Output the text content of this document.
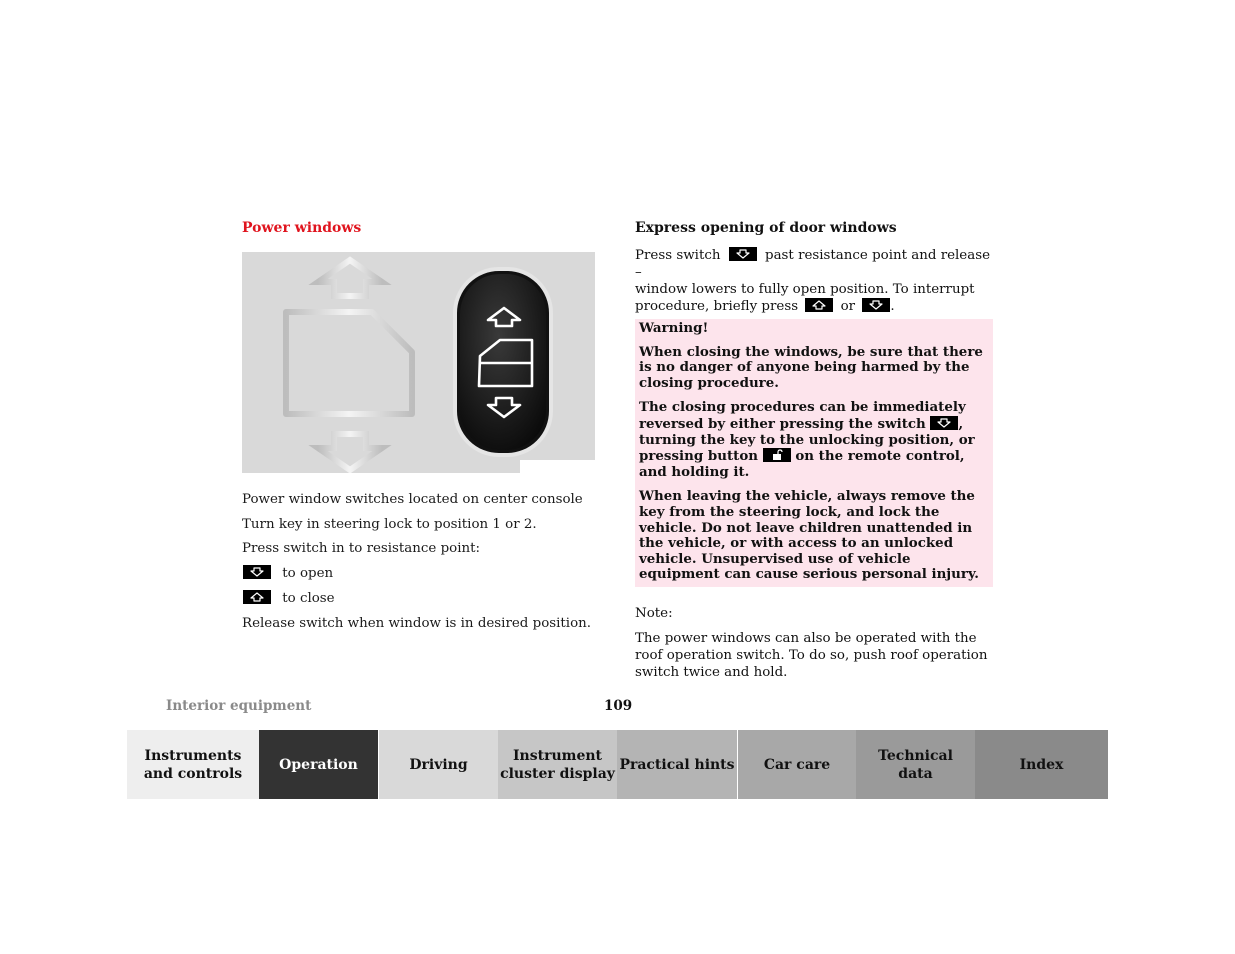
Power windows
Power window switches located on center console
Turn key in steering lock to position 1 or 2.
Press switch in to resistance point:
to open
to close
Release switch when window is in desired position.
Express opening of door windows
Press switch	past resistance point and release –
window lowers to fully open position. To interrupt
procedure, briefly press	or	.

Warning!

When closing the windows, be sure that there is no danger of anyone being harmed by the closing procedure.

The closing procedures can be immediately reversed by either pressing the switch , turning the key to the unlocking position, or pressing button	on the remote control, and holding it.

When leaving the vehicle, always remove the key from the steering lock, and lock the vehicle. Do not leave children unattended in the vehicle, or with access to an unlocked vehicle. Unsupervised use of vehicle equipment can cause serious personal injury.

Note:
The power windows can also be operated with the roof operation switch. To do so, push roof operation switch twice and hold.
Interior equipment	109
Instruments
and controls
Operation	Driving
Instrument
cluster display
Practical hints Car care
Technical
data
Index
